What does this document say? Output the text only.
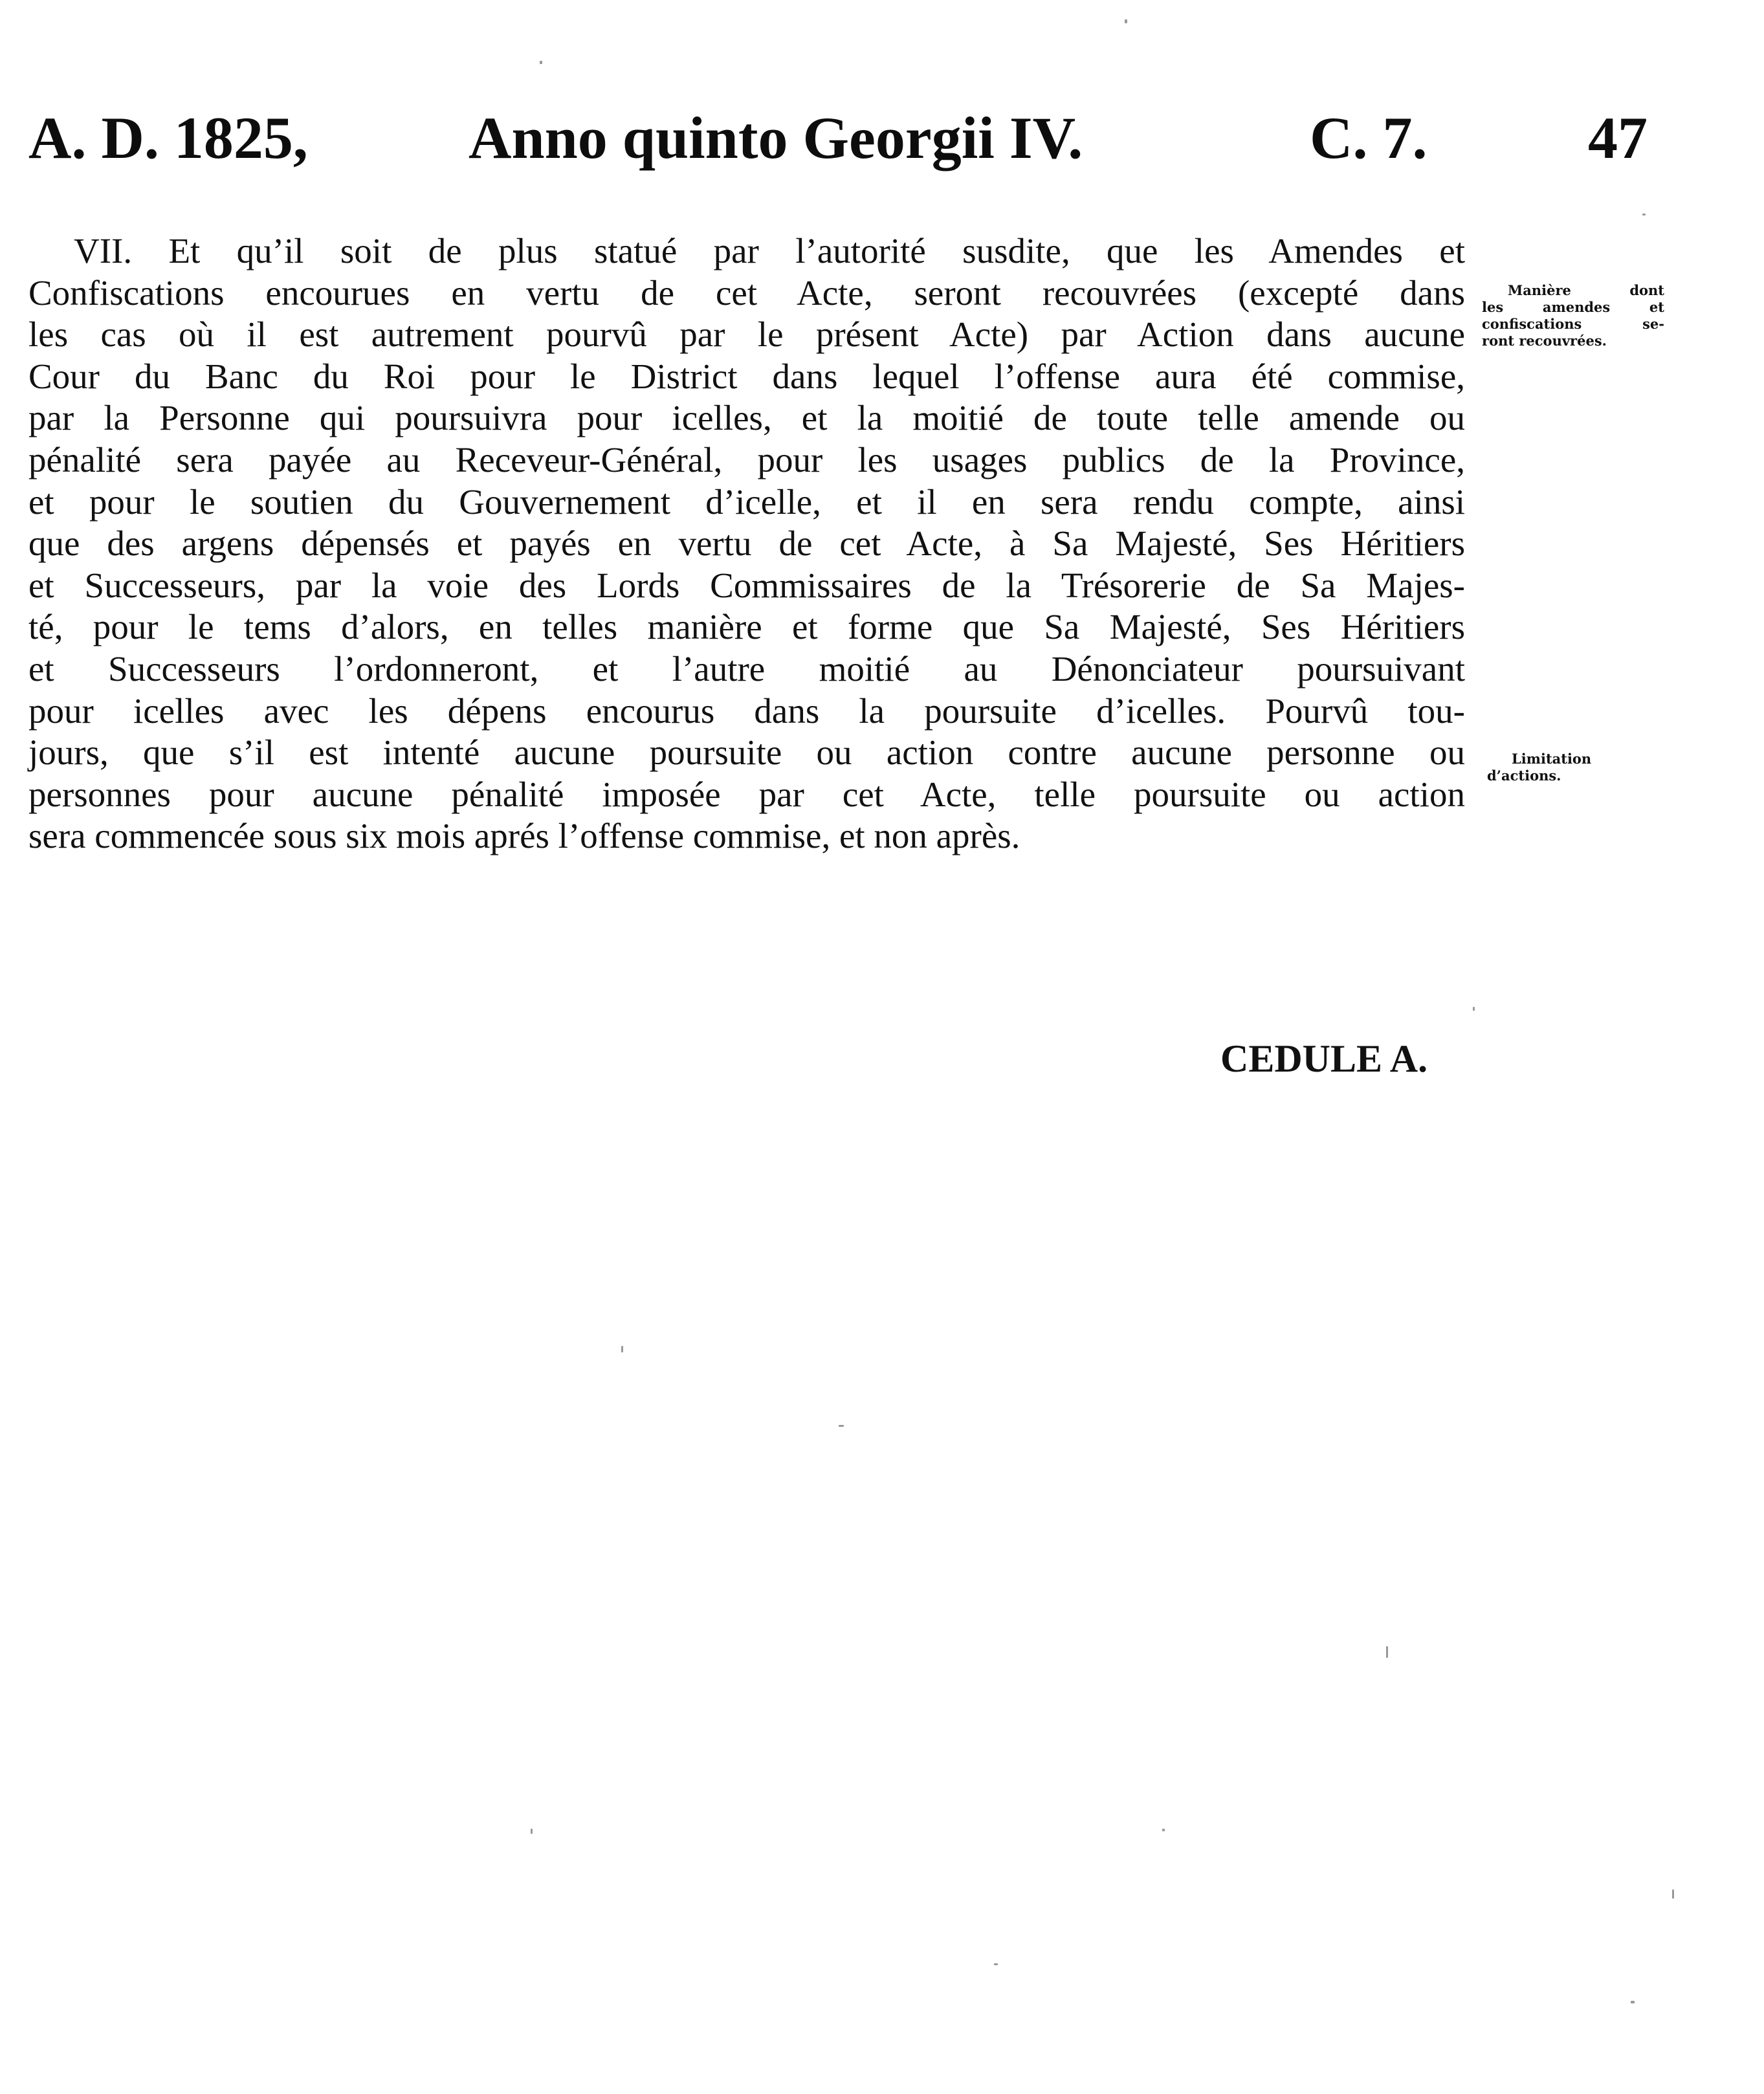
A. D. 1825,	Anno quinto Georgii IV.	C. 7.	47
VII. Et qu’il soit de plus statué par l’autorité susdite, que les Amendes et
Confiscations encourues en vertu de cet Acte, seront recouvrées (excepté dans
les cas où il est autrement pourvû par le présent Acte) par Action dans aucune
Cour du Banc du Roi pour le District dans lequel l’offense aura été commise,
par la Personne qui poursuivra pour icelles, et la moitié de toute telle amende ou
pénalité sera payée au Receveur-Général, pour les usages publics de la Province,
et pour le soutien du Gouvernement d’icelle, et il en sera rendu compte, ainsi
que des argens dépensés et payés en vertu de cet Acte, à Sa Majesté, Ses Héritiers
et Successeurs, par la voie des Lords Commissaires de la Trésorerie de Sa Majes-
té, pour le tems d’alors, en telles manière et forme que Sa Majesté, Ses Héritiers
et Successeurs l’ordonneront, et l’autre moitié au Dénonciateur poursuivant
pour icelles avec les dépens encourus dans la poursuite d’icelles. Pourvû tou-
jours, que s’il est intenté aucune poursuite ou action contre aucune personne ou
personnes pour aucune pénalité imposée par cet Acte, telle poursuite ou action
sera commencée sous six mois aprés l’offense commise, et non après.
Manière dont
les amendes et
confiscations se-
ront recouvrées.
Limitation
d’actions.
CEDULE A.
